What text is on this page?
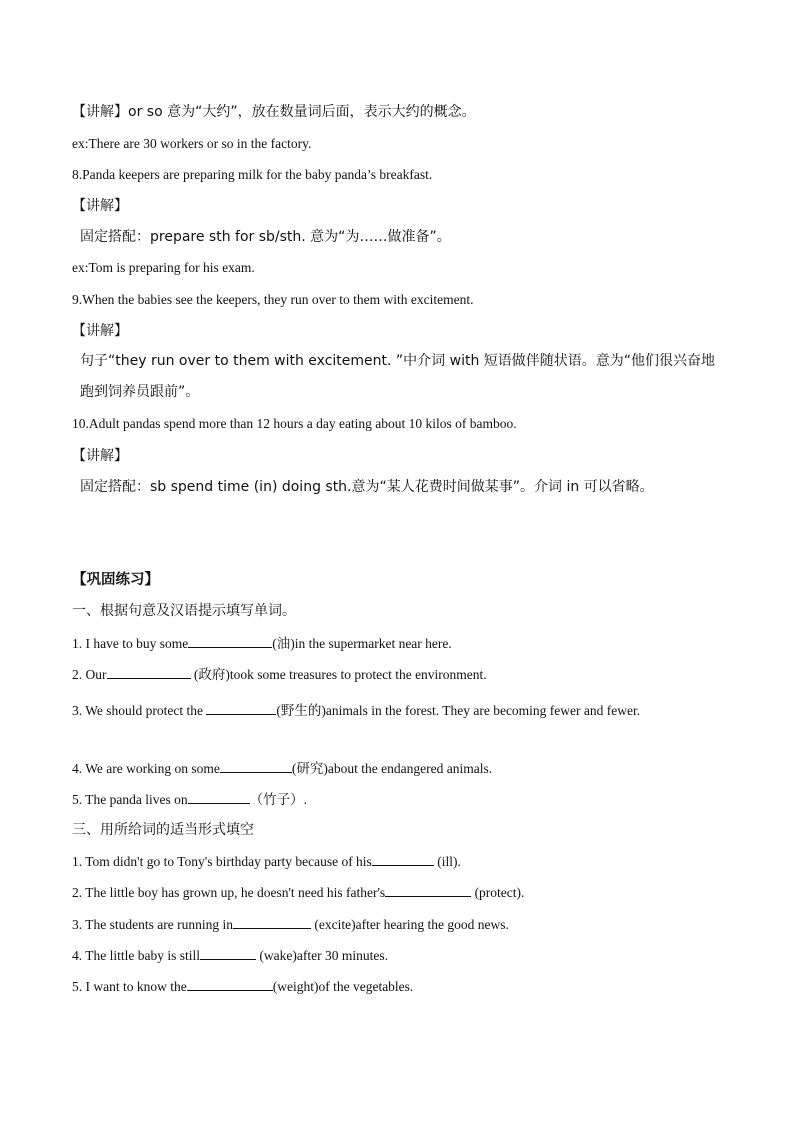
【讲解】or so 意为“大约”，放在数量词后面，表示大约的概念。
ex:There are 30 workers or so in the factory.
8.Panda keepers are preparing milk for the baby panda’s breakfast.
【讲解】
固定搭配：prepare sth for sb/sth. 意为“为……做准备”。
ex:Tom is preparing for his exam.
9.When the babies see the keepers, they run over to them with excitement.
【讲解】
句子“they run over to them with excitement. ”中介词 with 短语做伴随状语。意为“他们很兴奋地跑到饲养员跟前”。
10.Adult pandas spend more than 12 hours a day eating about 10 kilos of bamboo.
【讲解】
固定搭配：sb spend time (in) doing sth.意为“某人花费时间做某事”。介词 in 可以省略。
【巩固练习】
一、根据句意及汉语提示填写单词。
1. I have to buy some	(油)in the supermarket near here.
2. Our	(政府)took some treasures to protect the environment.
3. We should protect the	(野生的)animals in the forest. They are becoming fewer and fewer.
4. We are working on some	(研究)about the endangered animals.
5. The panda lives on	（竹子）.
三、用所给词的适当形式填空
1. Tom didn't go to Tony's birthday party because of his	(ill).
2. The little boy has grown up, he doesn't need his father's	(protect).
3. The students are running in	(excite)after hearing the good news.
4. The little baby is still	(wake)after 30 minutes.
5. I want to know the	(weight)of the vegetables.
